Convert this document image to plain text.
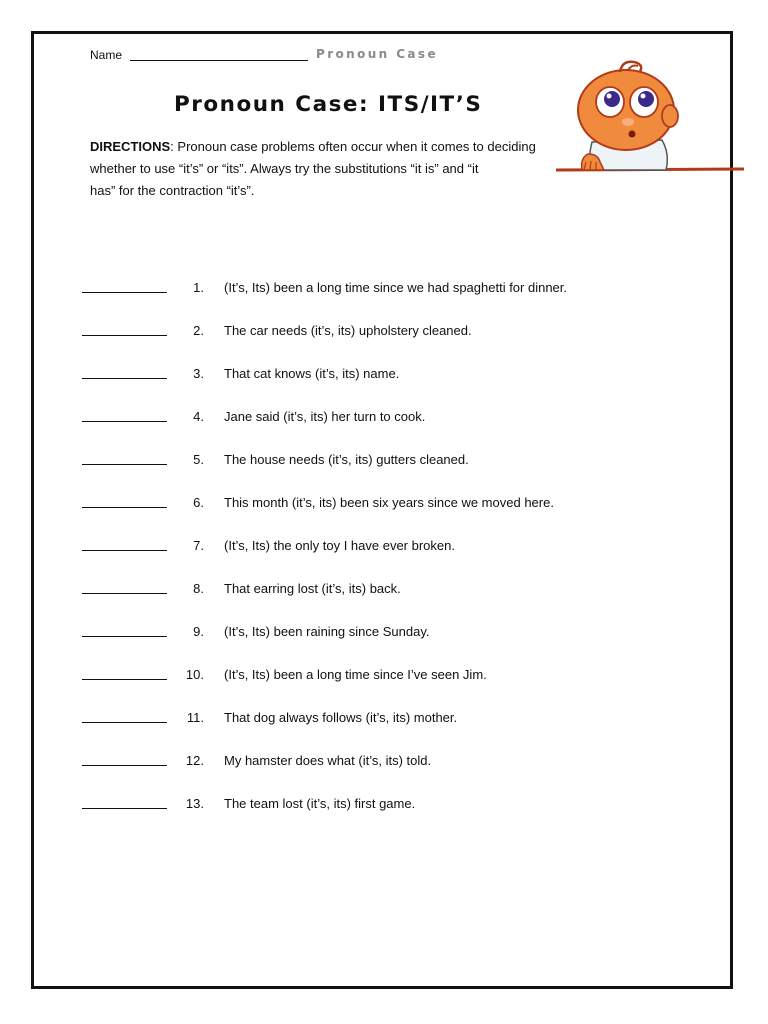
Name	Pronoun Case
Pronoun Case: ITS/IT’S
DIRECTIONS: Pronoun case problems often occur when it comes to deciding
whether to use “it’s” or “its”. Always try the substitutions “it is” and “it
has” for the contraction “it’s”.
1. (It’s, Its) been a long time since we had spaghetti for dinner.
2. The car needs (it’s, its) upholstery cleaned.
3. That cat knows (it’s, its) name.
4. Jane said (it’s, its) her turn to cook.
5. The house needs (it’s, its) gutters cleaned.
6. This month (it’s, its) been six years since we moved here.
7. (It’s, Its) the only toy I have ever broken.
8. That earring lost (it’s, its) back.
9. (It’s, Its) been raining since Sunday.
10. (It’s, Its) been a long time since I’ve seen Jim.
11. That dog always follows (it’s, its) mother.
12. My hamster does what (it’s, its) told.
13. The team lost (it’s, its) first game.
